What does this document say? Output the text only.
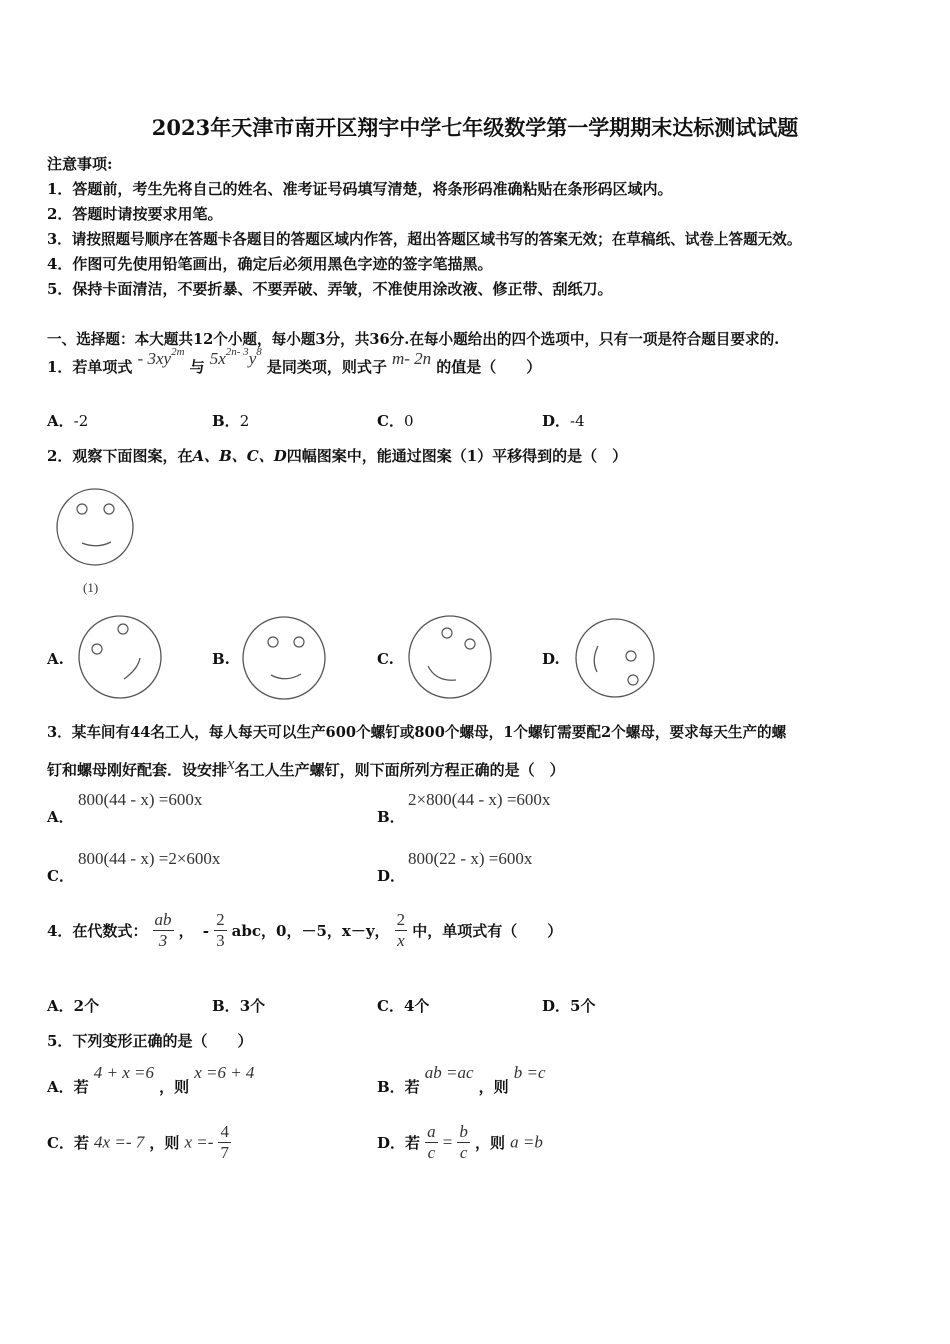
2023年天津市南开区翔宇中学七年级数学第一学期期末达标测试试题
注意事项:
1．答题前，考生先将自己的姓名、准考证号码填写清楚，将条形码准确粘贴在条形码区域内。
2．答题时请按要求用笔。
3．请按照题号顺序在答题卡各题目的答题区域内作答，超出答题区域书写的答案无效；在草稿纸、试卷上答题无效。
4．作图可先使用铅笔画出，确定后必须用黑色字迹的签字笔描黑。
5．保持卡面清洁，不要折暴、不要弄破、弄皱，不准使用涂改液、修正带、刮纸刀。
一、选择题：本大题共12个小题，每小题3分，共36分.在每小题给出的四个选项中，只有一项是符合题目要求的.
1．若单项式 - $3xy^{2m}$ 与 $5x^{2n- 3}y^8$ 是同类项，则式子 m- 2n 的值是（　　）
A．-2	B．2	C．0	D．-4
2．观察下面图案，在A、B、C、D四幅图案中，能通过图案（1）平移得到的是（　）
(1)
A.	B.	C.	D.
3．某车间有44名工人，每人每天可以生产600个螺钉或800个螺母，1个螺钉需要配2个螺母，要求每天生产的螺
钉和螺母刚好配套．设安排x名工人生产螺钉，则下面所列方程正确的是（　）
A．
800(44 - x) =600x
B．
2×800(44 - x) =600x
C．
800(44 - x) =2×600x
D．
800(22 - x) =600x
4．在代数式： $\frac{ab}{3}$ ， - $\frac{2}{3}$ abc，0，－5，x－y， $\frac{2}{x}$ 中，单项式有（　　）
A．2个	B．3个	C．4个	D．5个
5．下列变形正确的是（　　）
A．若 4 + x =6 ，则 x =6 + 4
B．若 ab =ac ，则 b =c
C．若 4x =- 7 ，则 $x =- \frac{4}{7}$	D．若 $\frac{a}{c} = \frac{b}{c}$ ，则 a =b
